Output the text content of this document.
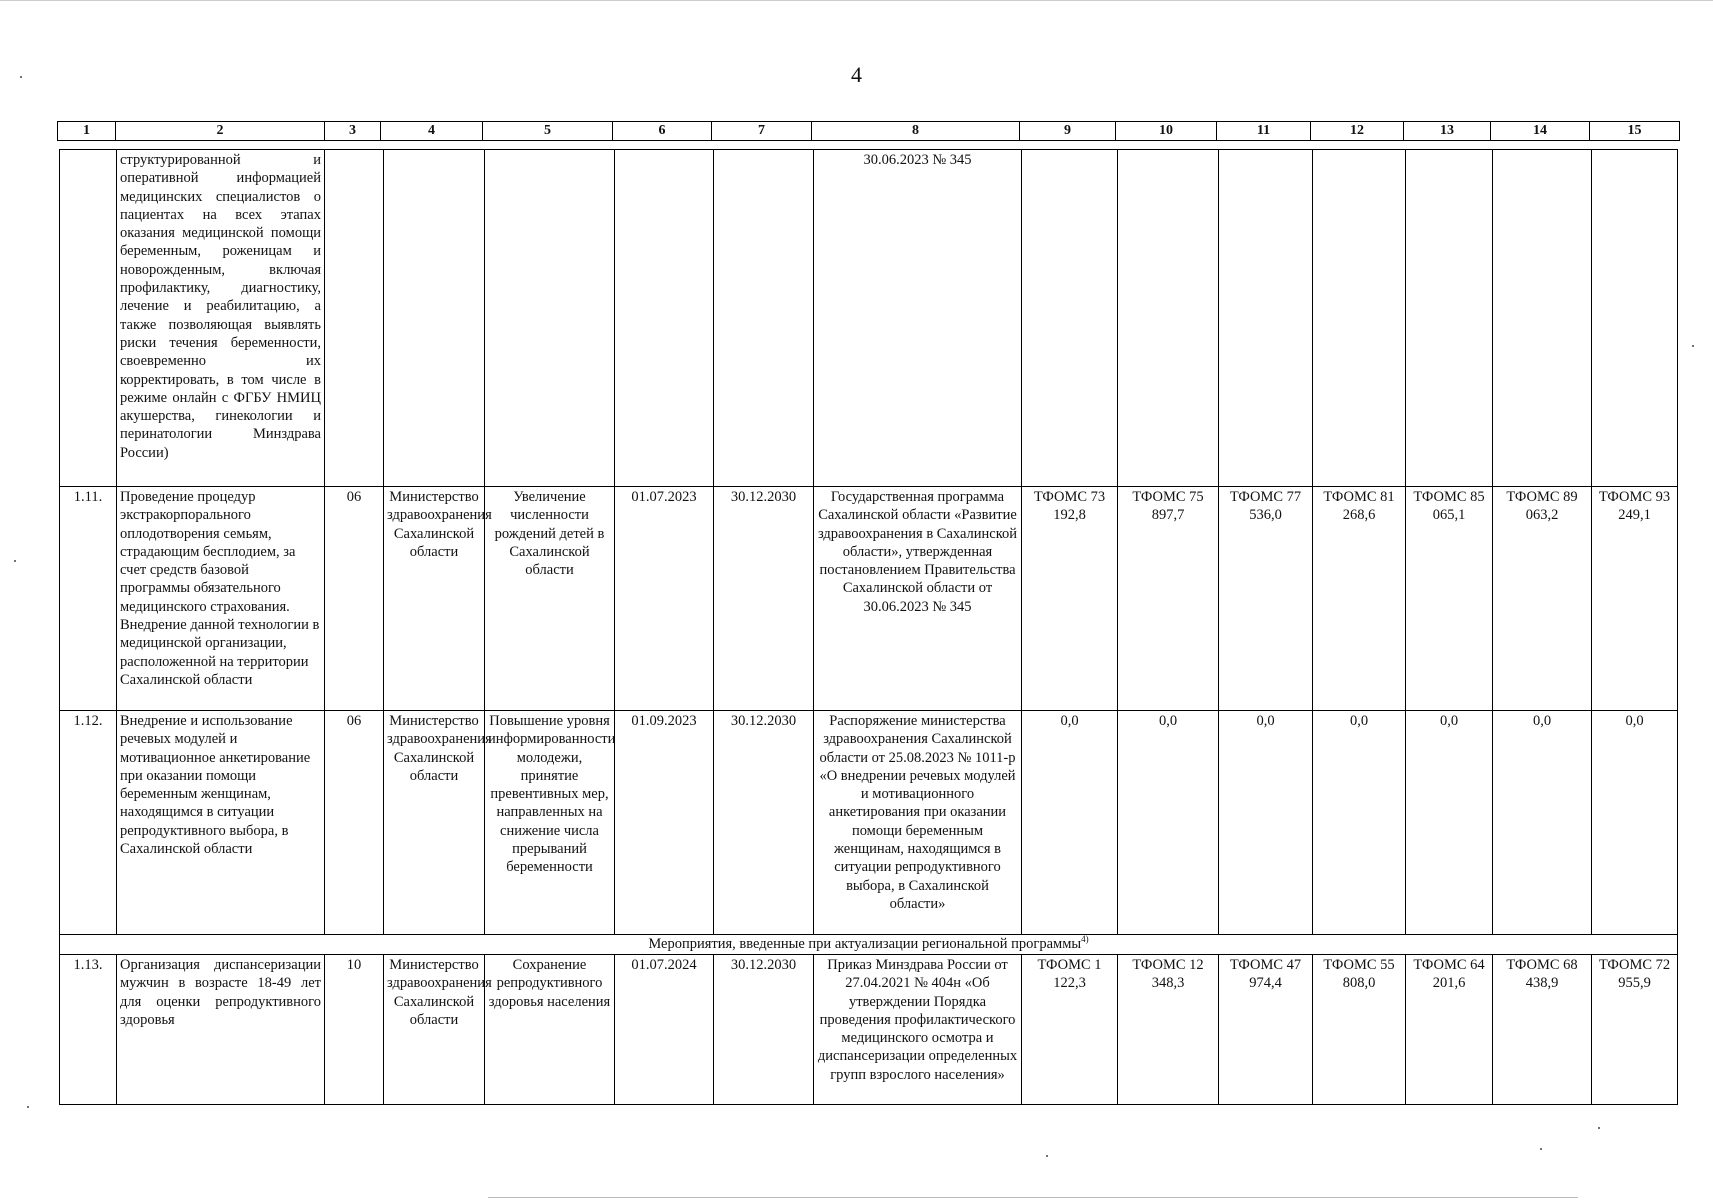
4
1	2	3	4	5	6	7	8	9	10	11	12	13	14	15
	структурированной и оперативной информацией медицинских специалистов о пациентах на всех этапах оказания медицинской помощи беременным, роженицам и новорожденным, включая профилактику, диагностику, лечение и реабилитацию, а также позволяющая выявлять риски течения беременности, своевременно их корректировать, в том числе в режиме онлайн с ФГБУ НМИЦ акушерства, гинекологии и перинатологии Минздрава России)						30.06.2023 № 345							
1.11.	Проведение процедур экстракорпорального оплодотворения семьям, страдающим бесплодием, за счет средств базовой программы обязательного медицинского страхования. Внедрение данной технологии в медицинской организации, расположенной на территории Сахалинской области	06	Министерство здравоохранения Сахалинской области	Увеличение численности рождений детей в Сахалинской области	01.07.2023	30.12.2030	Государственная программа Сахалинской области «Развитие здравоохранения в Сахалинской области», утвержденная постановлением Правительства Сахалинской области от 30.06.2023 № 345	ТФОМС 73 192,8	ТФОМС 75 897,7	ТФОМС 77 536,0	ТФОМС 81 268,6	ТФОМС 85 065,1	ТФОМС 89 063,2	ТФОМС 93 249,1
1.12.	Внедрение и использование речевых модулей и мотивационное анкетирование при оказании помощи беременным женщинам, находящимся в ситуации репродуктивного выбора, в Сахалинской области	06	Министерство здравоохранения Сахалинской области	Повышение уровня информированности молодежи, принятие превентивных мер, направленных на снижение числа прерываний беременности	01.09.2023	30.12.2030	Распоряжение министерства здравоохранения Сахалинской области от 25.08.2023 № 1011-р «О внедрении речевых модулей и мотивационного анкетирования при оказании помощи беременным женщинам, находящимся в ситуации репродуктивного выбора, в Сахалинской области»	0,0	0,0	0,0	0,0	0,0	0,0	0,0
Мероприятия, введенные при актуализации региональной программы$^{4)}$
1.13.	Организация диспансеризации мужчин в возрасте 18-49 лет для оценки репродуктивного здоровья	10	Министерство здравоохранения Сахалинской области	Сохранение репродуктивного здоровья населения	01.07.2024	30.12.2030	Приказ Минздрава России от 27.04.2021 № 404н «Об утверждении Порядка проведения профилактического медицинского осмотра и диспансеризации определенных групп взрослого населения»	ТФОМС 1 122,3	ТФОМС 12 348,3	ТФОМС 47 974,4	ТФОМС 55 808,0	ТФОМС 64 201,6	ТФОМС 68 438,9	ТФОМС 72 955,9
